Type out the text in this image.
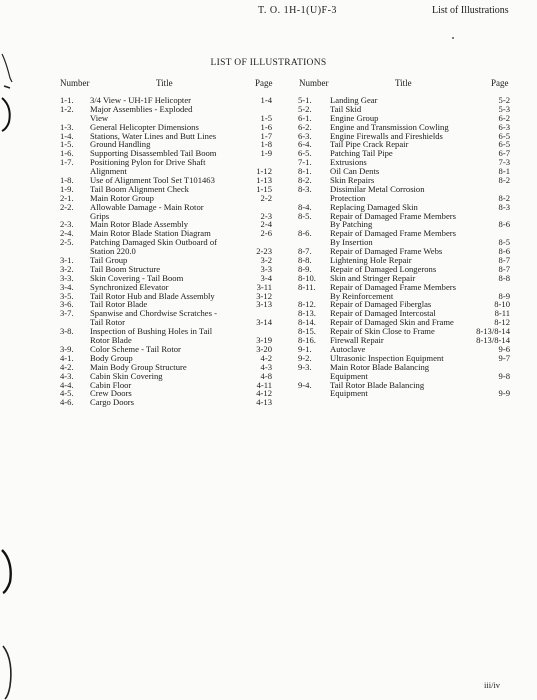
T. O. 1H-1(U)F-3	List of Illustrations
LIST OF ILLUSTRATIONS
Number	Title	Page	Number	Title	Page
1-1. 3/4 View - UH-1F Helicopter	1-4
1-2. Major Assemblies - Exploded
View	1-5
1-3. General Helicopter Dimensions	1-6
1-4. Stations, Water Lines and Butt Lines	1-7
1-5. Ground Handling	1-8
1-6. Supporting Disassembled Tail Boom	1-9
1-7. Positioning Pylon for Drive Shaft
Alignment	1-12
1-8. Use of Alignment Tool Set T101463	1-13
1-9. Tail Boom Alignment Check	1-15
2-1. Main Rotor Group	2-2
2-2. Allowable Damage - Main Rotor
Grips	2-3
2-3. Main Rotor Blade Assembly	2-4
2-4. Main Rotor Blade Station Diagram	2-6
2-5. Patching Damaged Skin Outboard of
Station 220.0	2-23
3-1. Tail Group	3-2
3-2. Tail Boom Structure	3-3
3-3. Skin Covering - Tail Boom	3-4
3-4. Synchronized Elevator	3-11
3-5. Tail Rotor Hub and Blade Assembly	3-12
3-6. Tail Rotor Blade	3-13
3-7. Spanwise and Chordwise Scratches -
Tail Rotor	3-14
3-8. Inspection of Bushing Holes in Tail
Rotor Blade	3-19
3-9. Color Scheme - Tail Rotor	3-20
4-1. Body Group	4-2
4-2. Main Body Group Structure	4-3
4-3. Cabin Skin Covering	4-8
4-4. Cabin Floor	4-11
4-5. Crew Doors	4-12
4-6. Cargo Doors	4-13
5-1. Landing Gear	5-2
5-2. Tail Skid	5-3
6-1. Engine Group	6-2
6-2. Engine and Transmission Cowling	6-3
6-3. Engine Firewalls and Fireshields	6-5
6-4. Tail Pipe Crack Repair	6-5
6-5. Patching Tail Pipe	6-7
7-1. Extrusions	7-3
8-1. Oil Can Dents	8-1
8-2. Skin Repairs	8-2
8-3. Dissimilar Metal Corrosion
Protection	8-2
8-4. Replacing Damaged Skin	8-3
8-5. Repair of Damaged Frame Members
By Patching	8-6
8-6. Repair of Damaged Frame Members
By Insertion	8-5
8-7. Repair of Damaged Frame Webs	8-6
8-8. Lightening Hole Repair	8-7
8-9. Repair of Damaged Longerons	8-7
8-10. Skin and Stringer Repair	8-8
8-11. Repair of Damaged Frame Members
By Reinforcement	8-9
8-12. Repair of Damaged Fiberglas	8-10
8-13. Repair of Damaged Intercostal	8-11
8-14. Repair of Damaged Skin and Frame	8-12
8-15. Repair of Skin Close to Frame	8-13/8-14
8-16. Firewall Repair	8-13/8-14
9-1. Autoclave	9-6
9-2. Ultrasonic Inspection Equipment	9-7
9-3. Main Rotor Blade Balancing
Equipment	9-8
9-4. Tail Rotor Blade Balancing
Equipment	9-9
iii/iv
